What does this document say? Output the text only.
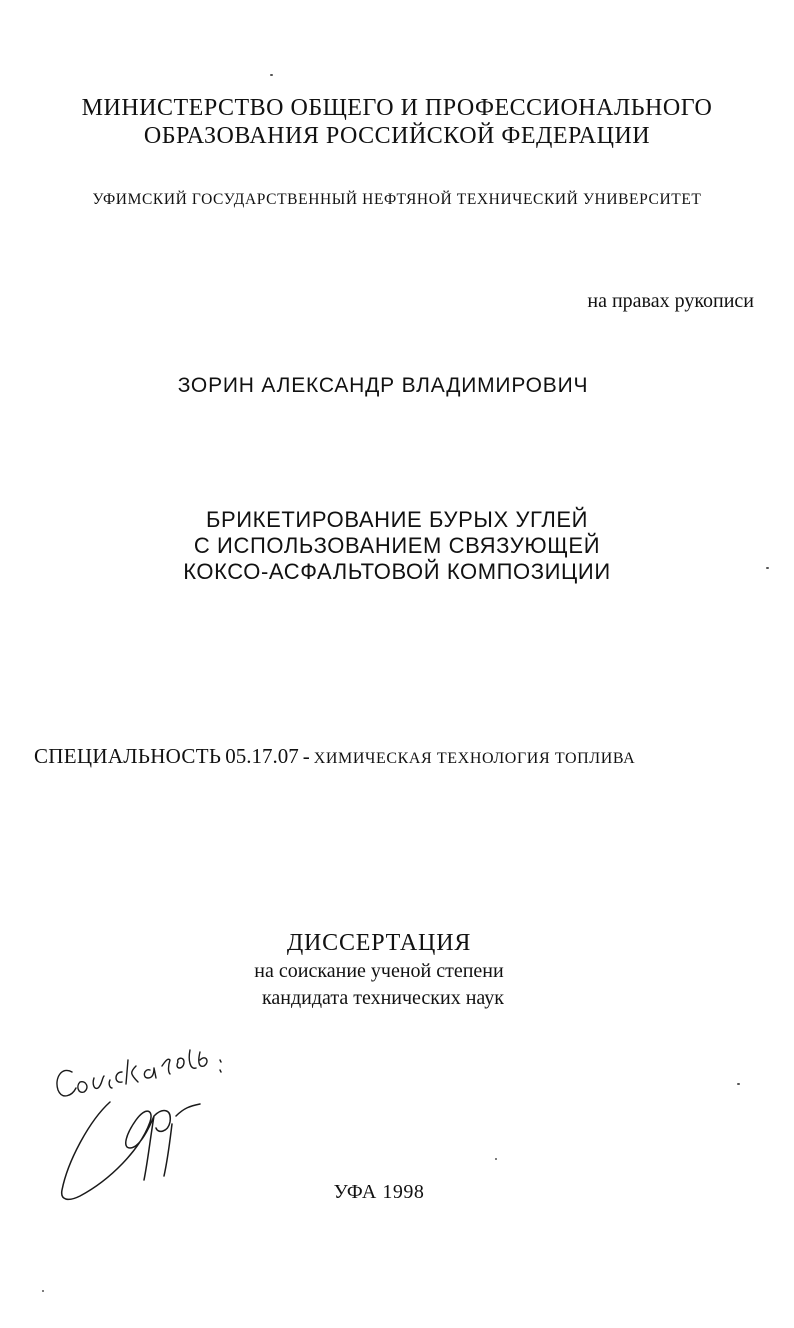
МИНИСТЕРСТВО ОБЩЕГО И ПРОФЕССИОНАЛЬНОГО

ОБРАЗОВАНИЯ РОССИЙСКОЙ ФЕДЕРАЦИИ

УФИМСКИЙ ГОСУДАРСТВЕННЫЙ НЕФТЯНОЙ ТЕХНИЧЕСКИЙ УНИВЕРСИТЕТ

на правах рукописи

ЗОРИН АЛЕКСАНДР ВЛАДИМИРОВИЧ

БРИКЕТИРОВАНИЕ БУРЫХ УГЛЕЙ

С ИСПОЛЬЗОВАНИЕМ СВЯЗУЮЩЕЙ

КОКСО-АСФАЛЬТОВОЙ КОМПОЗИЦИИ

СПЕЦИАЛЬНОСТЬ 05.17.07 - ХИМИЧЕСКАЯ ТЕХНОЛОГИЯ ТОПЛИВА

ДИССЕРТАЦИЯ

на соискание ученой степени

кандидата технических наук

УФА 1998
